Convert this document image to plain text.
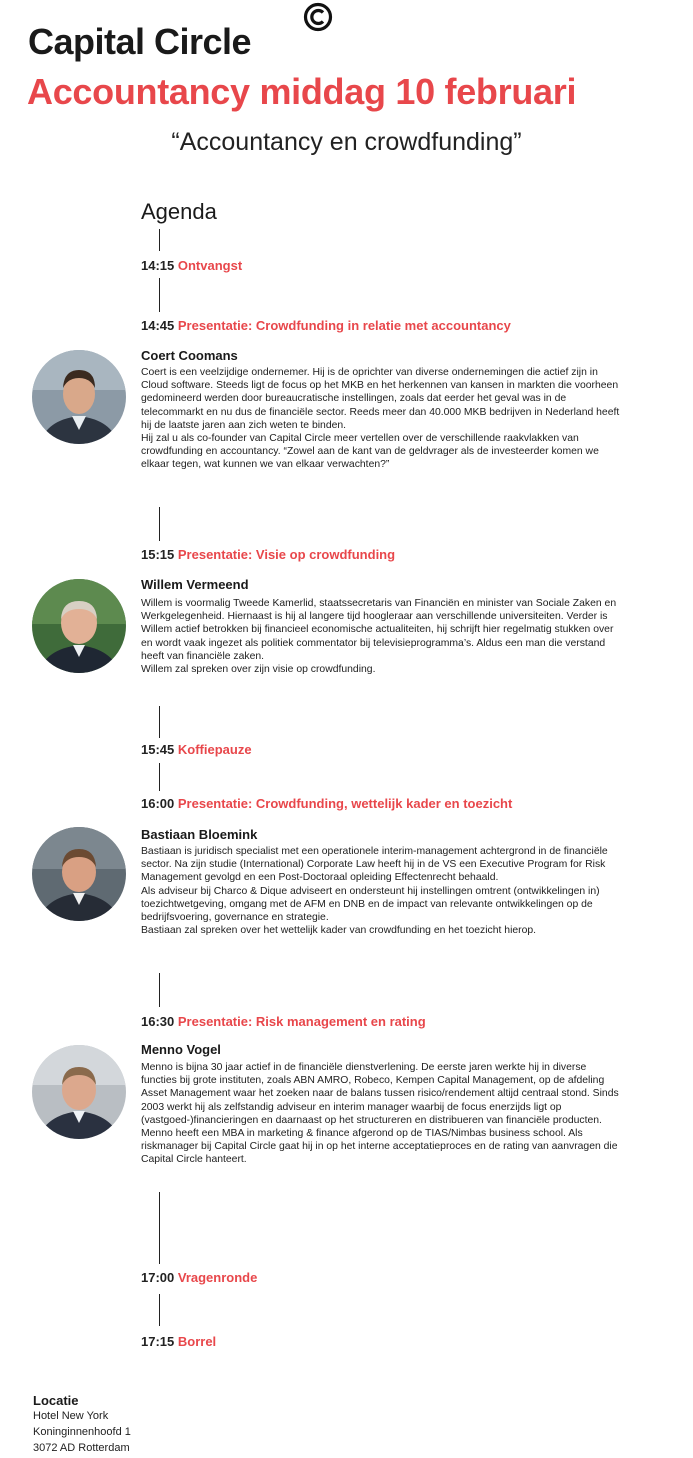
Capital Circle
Accountancy middag 10 februari
“Accountancy en crowdfunding”
Agenda
14:15 Ontvangst
14:45 Presentatie: Crowdfunding in relatie met accountancy
15:15 Presentatie: Visie op crowdfunding
15:45 Koffiepauze
16:00 Presentatie: Crowdfunding, wettelijk kader en toezicht
16:30 Presentatie: Risk management en rating
17:00 Vragenronde
17:15 Borrel
Coert Coomans

Coert is een veelzijdige ondernemer. Hij is de oprichter van diverse ondernemingen die actief zijn in Cloud software. Steeds ligt de focus op het MKB en het herkennen van kansen in markten die voorheen gedomineerd werden door bureaucratische instellingen, zoals dat eerder het geval was in de telecommarkt en nu dus de financiële sector. Reeds meer dan 40.000 MKB bedrijven in Nederland heeft hij de laatste jaren aan zich weten te binden.

Hij zal u als co-founder van Capital Circle meer vertellen over de verschillende raakvlakken van crowdfunding en accountancy. “Zowel aan de kant van de geldvrager als de investeerder komen we elkaar tegen, wat kunnen we van elkaar verwachten?”

Willem Vermeend

Willem is voormalig Tweede Kamerlid, staatssecretaris van Financiën en minister van Sociale Zaken en Werkgelegenheid. Hiernaast is hij al langere tijd hoogleraar aan verschillende universiteiten. Verder is Willem actief betrokken bij financieel economische actualiteiten, hij schrijft hier regelmatig stukken over en wordt vaak ingezet als politiek commentator bij televisieprogramma’s. Aldus een man die verstand heeft van financiële zaken.

Willem zal spreken over zijn visie op crowdfunding.

Bastiaan Bloemink

Bastiaan is juridisch specialist met een operationele interim-management achtergrond in de financiële sector. Na zijn studie (International) Corporate Law heeft hij in de VS een Executive Program for Risk Management gevolgd en een Post-Doctoraal opleiding Effectenrecht behaald.

Als adviseur bij Charco & Dique adviseert en ondersteunt hij instellingen omtrent (ontwikkelingen in) toezichtwetgeving, omgang met de AFM en DNB en de impact van relevante ontwikkelingen op de bedrijfsvoering, governance en strategie.

Bastiaan zal spreken over het wettelijk kader van crowdfunding en het toezicht hierop.

Menno Vogel

Menno is bijna 30 jaar actief in de financiële dienstverlening. De eerste jaren werkte hij in diverse functies bij grote instituten, zoals ABN AMRO, Robeco, Kempen Capital Management, op de afdeling Asset Management waar het zoeken naar de balans tussen risico/rendement altijd centraal stond. Sinds 2003 werkt hij als zelfstandig adviseur en interim manager waarbij de focus enerzijds ligt op (vastgoed-)financieringen en daarnaast op het structureren en distribueren van financiële producten.

Menno heeft een MBA in marketing & finance afgerond op de TIAS/Nimbas business school. Als riskmanager bij Capital Circle gaat hij in op het interne acceptatieproces en de rating van aanvragen die Capital Circle hanteert.

Locatie
Hotel New York
Koninginnenhoofd 1
3072 AD Rotterdam
